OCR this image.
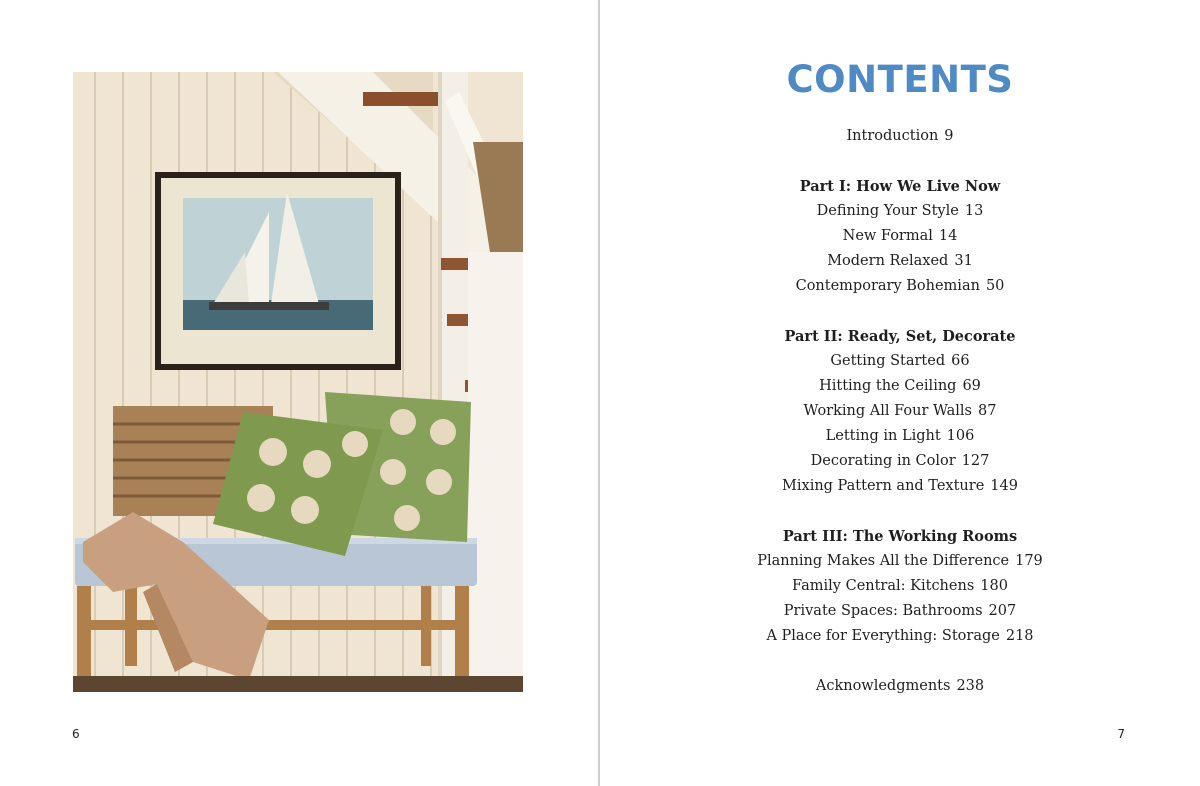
6
CONTENTS
Introduction 9
Part I: How We Live Now
Defining Your Style 13
New Formal 14
Modern Relaxed 31
Contemporary Bohemian 50
Part II: Ready, Set, Decorate
Getting Started 66
Hitting the Ceiling 69
Working All Four Walls 87
Letting in Light 106
Decorating in Color 127
Mixing Pattern and Texture 149
Part III: The Working Rooms
Planning Makes All the Difference 179
Family Central: Kitchens 180
Private Spaces: Bathrooms 207
A Place for Everything: Storage 218
Acknowledgments 238
7
